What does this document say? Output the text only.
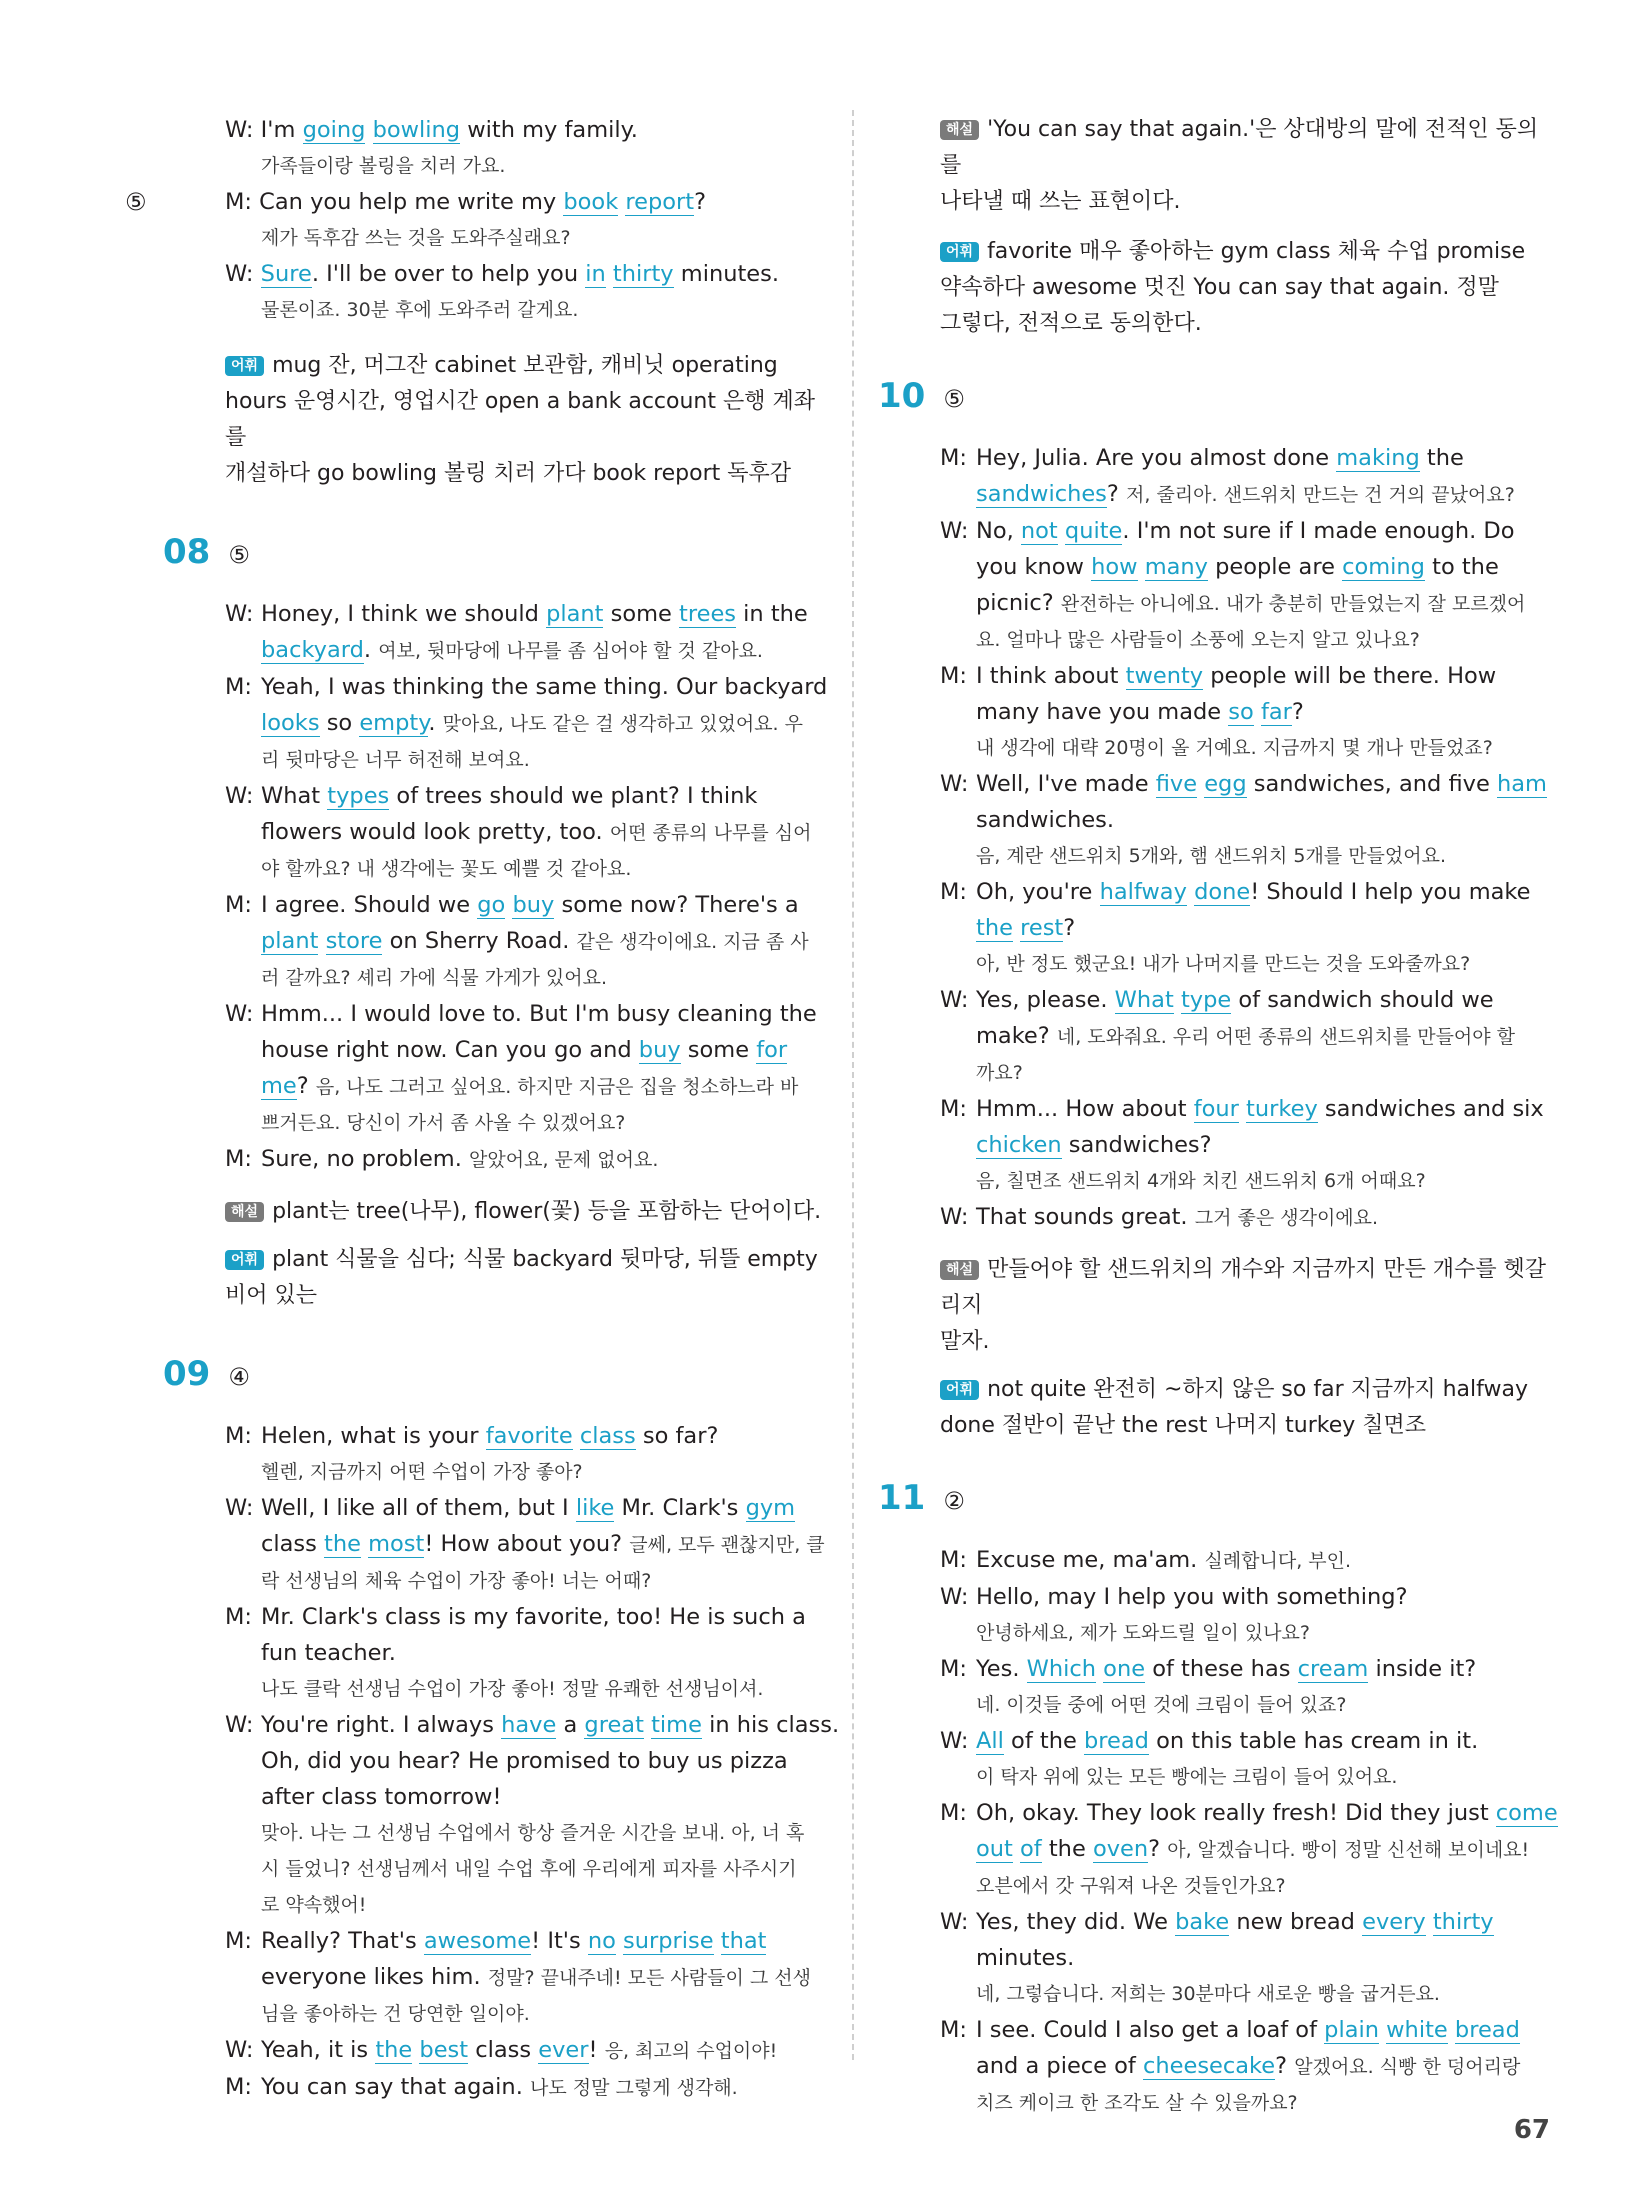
W: I'm going bowling with my family.
가족들이랑 볼링을 치러 가요.
⑤	M: Can you help me write my book report?
제가 독후감 쓰는 것을 도와주실래요?
W: Sure. I'll be over to help you in thirty minutes.
물론이죠. 30분 후에 도와주러 갈게요.
어휘 mug 잔, 머그잔 cabinet 보관함, 캐비닛 operating
hours 운영시간, 영업시간 open a bank account 은행 계좌를
개설하다 go bowling 볼링 치러 가다 book report 독후감
08 ⑤
W: Honey, I think we should plant some trees in the
backyard. 여보, 뒷마당에 나무를 좀 심어야 할 것 같아요.
M: Yeah, I was thinking the same thing. Our backyard
looks so empty. 맞아요, 나도 같은 걸 생각하고 있었어요. 우
리 뒷마당은 너무 허전해 보여요.
W: What types of trees should we plant? I think
flowers would look pretty, too. 어떤 종류의 나무를 심어
야 할까요? 내 생각에는 꽃도 예쁠 것 같아요.
M: I agree. Should we go buy some now? There's a
plant store on Sherry Road. 같은 생각이에요. 지금 좀 사
러 갈까요? 셰리 가에 식물 가게가 있어요.
W: Hmm... I would love to. But I'm busy cleaning the
house right now. Can you go and buy some for
me? 음, 나도 그러고 싶어요. 하지만 지금은 집을 청소하느라 바
쁘거든요. 당신이 가서 좀 사올 수 있겠어요?
M: Sure, no problem. 알았어요, 문제 없어요.
해설 plant는 tree(나무), flower(꽃) 등을 포함하는 단어이다.
어휘 plant 식물을 심다; 식물 backyard 뒷마당, 뒤뜰 empty
비어 있는
09 ④
M: Helen, what is your favorite class so far?
헬렌, 지금까지 어떤 수업이 가장 좋아?
W: Well, I like all of them, but I like Mr. Clark's gym
class the most! How about you? 글쎄, 모두 괜찮지만, 클
락 선생님의 체육 수업이 가장 좋아! 너는 어때?
M: Mr. Clark's class is my favorite, too! He is such a
fun teacher.
나도 클락 선생님 수업이 가장 좋아! 정말 유쾌한 선생님이셔.
W: You're right. I always have a great time in his class.
Oh, did you hear? He promised to buy us pizza
after class tomorrow!
맞아. 나는 그 선생님 수업에서 항상 즐거운 시간을 보내. 아, 너 혹
시 들었니? 선생님께서 내일 수업 후에 우리에게 피자를 사주시기
로 약속했어!
M: Really? That's awesome! It's no surprise that
everyone likes him. 정말? 끝내주네! 모든 사람들이 그 선생
님을 좋아하는 건 당연한 일이야.
W: Yeah, it is the best class ever! 응, 최고의 수업이야!
M: You can say that again. 나도 정말 그렇게 생각해.
해설 'You can say that again.'은 상대방의 말에 전적인 동의를
나타낼 때 쓰는 표현이다.
어휘 favorite 매우 좋아하는 gym class 체육 수업 promise
약속하다 awesome 멋진 You can say that again. 정말
그렇다, 전적으로 동의한다.
10 ⑤
M: Hey, Julia. Are you almost done making the
sandwiches? 저, 줄리아. 샌드위치 만드는 건 거의 끝났어요?
W: No, not quite. I'm not sure if I made enough. Do
you know how many people are coming to the
picnic? 완전하는 아니에요. 내가 충분히 만들었는지 잘 모르겠어
요. 얼마나 많은 사람들이 소풍에 오는지 알고 있나요?
M: I think about twenty people will be there. How
many have you made so far?
내 생각에 대략 20명이 올 거예요. 지금까지 몇 개나 만들었죠?
W: Well, I've made five egg sandwiches, and five ham
sandwiches.
음, 계란 샌드위치 5개와, 햄 샌드위치 5개를 만들었어요.
M: Oh, you're halfway done! Should I help you make
the rest?
아, 반 정도 했군요! 내가 나머지를 만드는 것을 도와줄까요?
W: Yes, please. What type of sandwich should we
make? 네, 도와줘요. 우리 어떤 종류의 샌드위치를 만들어야 할
까요?
M: Hmm... How about four turkey sandwiches and six
chicken sandwiches?
음, 칠면조 샌드위치 4개와 치킨 샌드위치 6개 어때요?
W: That sounds great. 그거 좋은 생각이에요.
해설 만들어야 할 샌드위치의 개수와 지금까지 만든 개수를 헷갈리지
말자.
어휘 not quite 완전히 ~하지 않은 so far 지금까지 halfway
done 절반이 끝난 the rest 나머지 turkey 칠면조
11 ②
M: Excuse me, ma'am. 실례합니다, 부인.
W: Hello, may I help you with something?
안녕하세요, 제가 도와드릴 일이 있나요?
M: Yes. Which one of these has cream inside it?
네. 이것들 중에 어떤 것에 크림이 들어 있죠?
W: All of the bread on this table has cream in it.
이 탁자 위에 있는 모든 빵에는 크림이 들어 있어요.
M: Oh, okay. They look really fresh! Did they just come
out of the oven? 아, 알겠습니다. 빵이 정말 신선해 보이네요!
오븐에서 갓 구워져 나온 것들인가요?
W: Yes, they did. We bake new bread every thirty
minutes.
네, 그렇습니다. 저희는 30분마다 새로운 빵을 굽거든요.
M: I see. Could I also get a loaf of plain white bread
and a piece of cheesecake? 알겠어요. 식빵 한 덩어리랑
치즈 케이크 한 조각도 살 수 있을까요?
67
